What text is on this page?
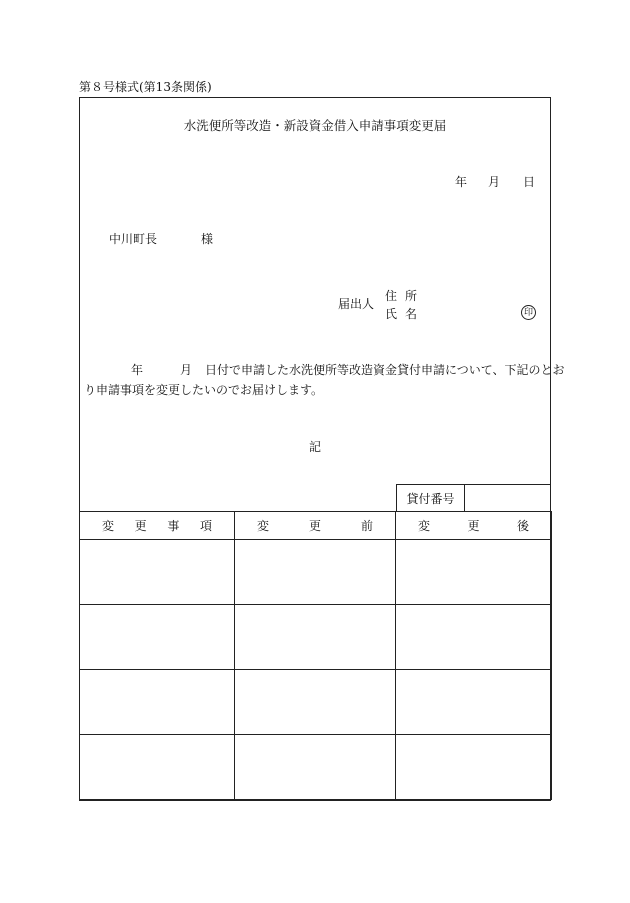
第８号様式(第13条関係)
水洗便所等改造・新設資金借入申請事項変更届
年 月 日
中川町長	様
届出人
住所
氏名	印
年	月 日付で申請した水洗便所等改造資金貸付申請について、下記のとお
り申請事項を変更したいのでお届けします。
記
貸付番号
変 更 事 項	変 更 前	変 更 後
